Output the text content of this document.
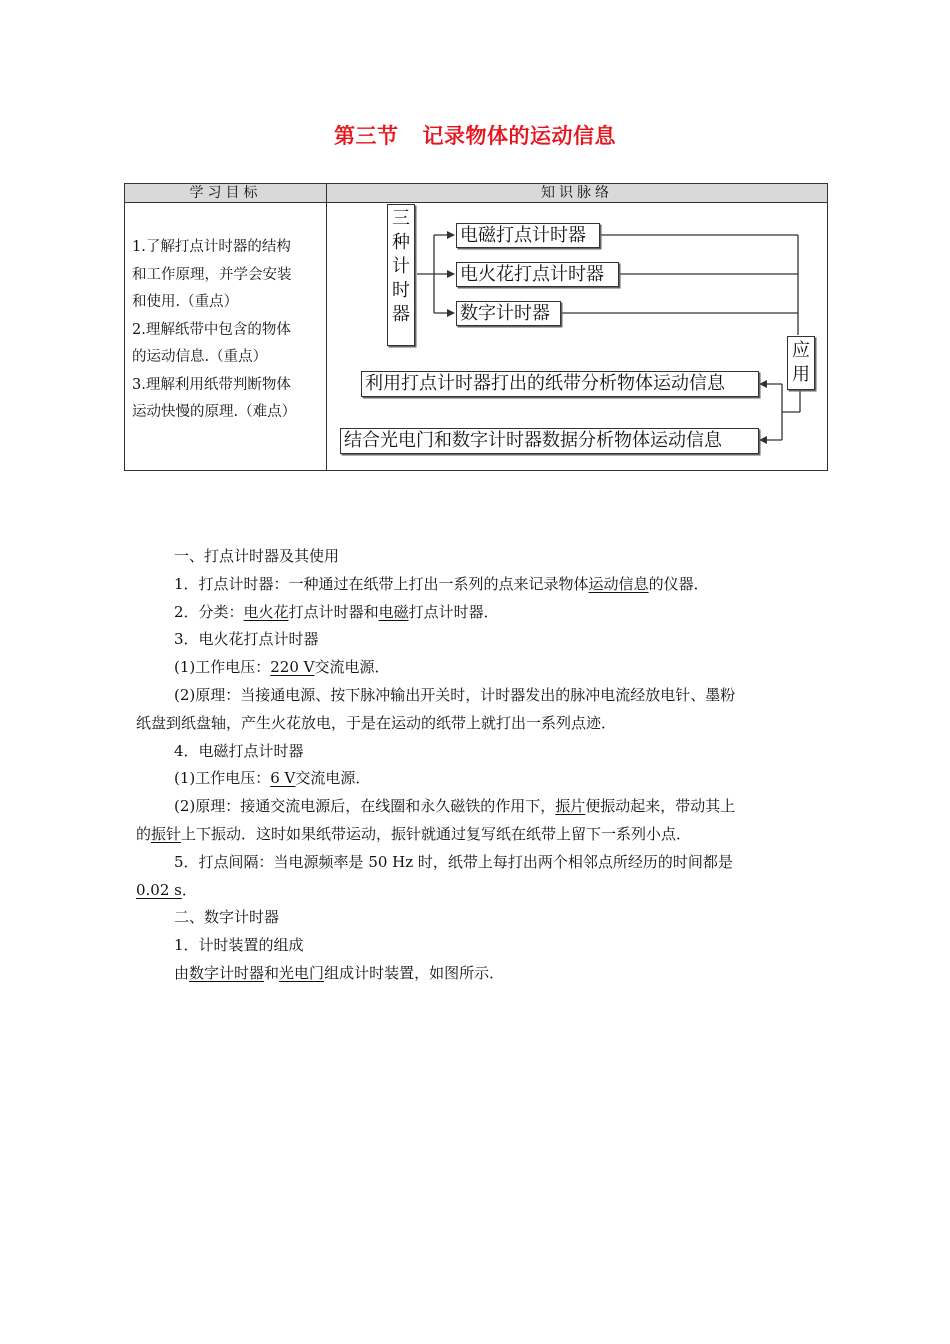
第三节 记录物体的运动信息
学习目标	知识脉络
1.了解打点计时器的结构
和工作原理，并学会安装
和使用.（重点）
2.理解纸带中包含的物体
的运动信息.（重点）
3.理解利用纸带判断物体
运动快慢的原理.（难点）
三
种
计
时
器
电磁打点计时器
电火花打点计时器
数字计时器
应
用
利用打点计时器打出的纸带分析物体运动信息
结合光电门和数字计时器数据分析物体运动信息
一、打点计时器及其使用
1．打点计时器：一种通过在纸带上打出一系列的点来记录物体运动信息的仪器．
2．分类：电火花打点计时器和电磁打点计时器．
3．电火花打点计时器
(1)工作电压：220 V交流电源．
(2)原理：当接通电源、按下脉冲输出开关时，计时器发出的脉冲电流经放电针、墨粉
纸盘到纸盘轴，产生火花放电，于是在运动的纸带上就打出一系列点迹．
4．电磁打点计时器
(1)工作电压：6 V交流电源．
(2)原理：接通交流电源后，在线圈和永久磁铁的作用下，振片便振动起来，带动其上
的振针上下振动．这时如果纸带运动，振针就通过复写纸在纸带上留下一系列小点．
5．打点间隔：当电源频率是 50 Hz 时，纸带上每打出两个相邻点所经历的时间都是
0.02 s．
二、数字计时器
1．计时装置的组成
由数字计时器和光电门组成计时装置，如图所示．
